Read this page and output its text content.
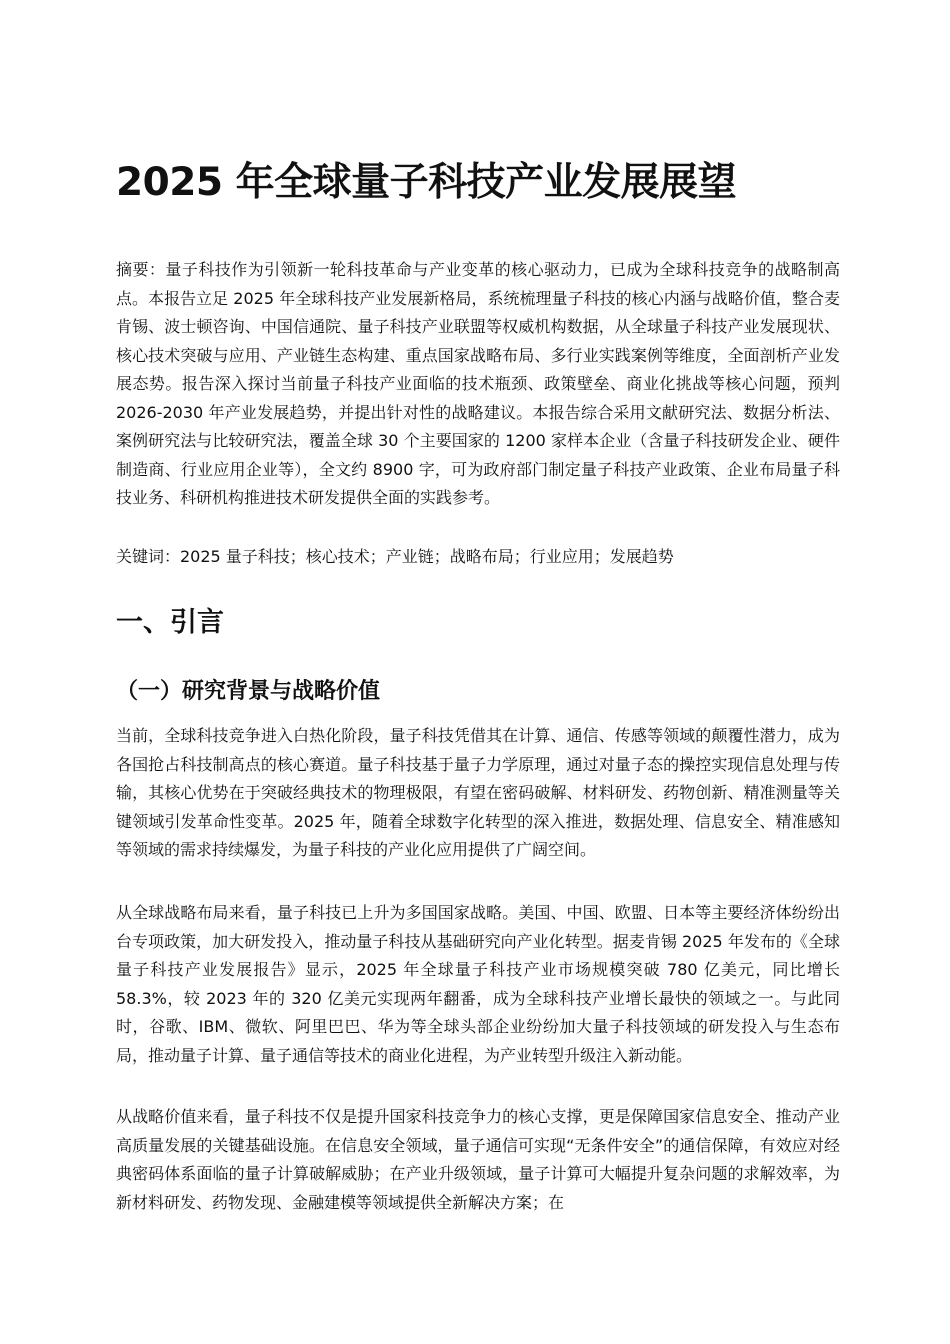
2025 年全球量子科技产业发展展望

摘要：量子科技作为引领新一轮科技革命与产业变革的核心驱动力，已成为全球科技竞争的战略制高点。本报告立足 2025 年全球科技产业发展新格局，系统梳理量子科技的核心内涵与战略价值，整合麦肯锡、波士顿咨询、中国信通院、量子科技产业联盟等权威机构数据，从全球量子科技产业发展现状、核心技术突破与应用、产业链生态构建、重点国家战略布局、多行业实践案例等维度，全面剖析产业发展态势。报告深入探讨当前量子科技产业面临的技术瓶颈、政策壁垒、商业化挑战等核心问题，预判 2026-2030 年产业发展趋势，并提出针对性的战略建议。本报告综合采用文献研究法、数据分析法、案例研究法与比较研究法，覆盖全球 30 个主要国家的 1200 家样本企业（含量子科技研发企业、硬件制造商、行业应用企业等），全文约 8900 字，可为政府部门制定量子科技产业政策、企业布局量子科技业务、科研机构推进技术研发提供全面的实践参考。

关键词：2025 量子科技；核心技术；产业链；战略布局；行业应用；发展趋势

一、引言
（一）研究背景与战略价值

当前，全球科技竞争进入白热化阶段，量子科技凭借其在计算、通信、传感等领域的颠覆性潜力，成为各国抢占科技制高点的核心赛道。量子科技基于量子力学原理，通过对量子态的操控实现信息处理与传输，其核心优势在于突破经典技术的物理极限，有望在密码破解、材料研发、药物创新、精准测量等关键领域引发革命性变革。2025 年，随着全球数字化转型的深入推进，数据处理、信息安全、精准感知等领域的需求持续爆发，为量子科技的产业化应用提供了广阔空间。

从全球战略布局来看，量子科技已上升为多国国家战略。美国、中国、欧盟、日本等主要经济体纷纷出台专项政策，加大研发投入，推动量子科技从基础研究向产业化转型。据麦肯锡 2025 年发布的《全球量子科技产业发展报告》显示，2025 年全球量子科技产业市场规模突破 780 亿美元，同比增长 58.3%，较 2023 年的 320 亿美元实现两年翻番，成为全球科技产业增长最快的领域之一。与此同时，谷歌、IBM、微软、阿里巴巴、华为等全球头部企业纷纷加大量子科技领域的研发投入与生态布局，推动量子计算、量子通信等技术的商业化进程，为产业转型升级注入新动能。

从战略价值来看，量子科技不仅是提升国家科技竞争力的核心支撑，更是保障国家信息安全、推动产业高质量发展的关键基础设施。在信息安全领域，量子通信可实现“无条件安全”的通信保障，有效应对经典密码体系面临的量子计算破解威胁；在产业升级领域，量子计算可大幅提升复杂问题的求解效率，为新材料研发、药物发现、金融建模等领域提供全新解决方案；在
